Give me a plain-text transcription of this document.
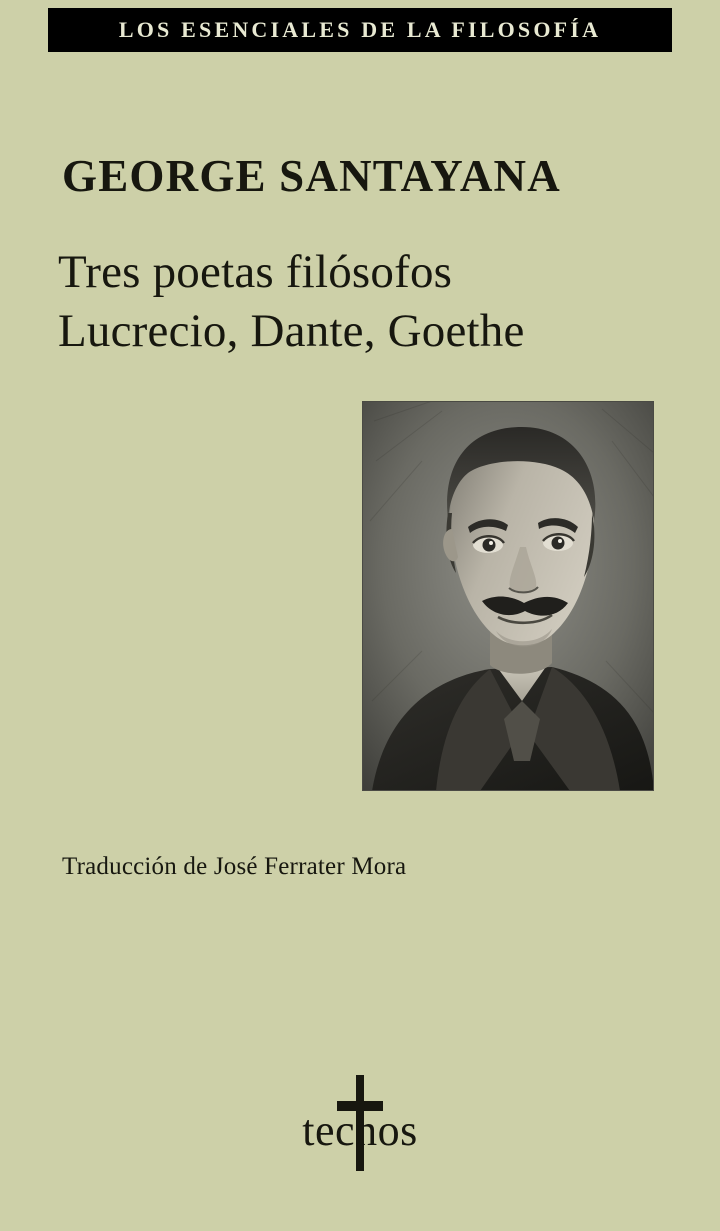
LOS ESENCIALES DE LA FILOSOFÍA
GEORGE SANTAYANA
Tres poetas filósofos
Lucrecio, Dante, Goethe
Traducción de José Ferrater Mora
tecnos
